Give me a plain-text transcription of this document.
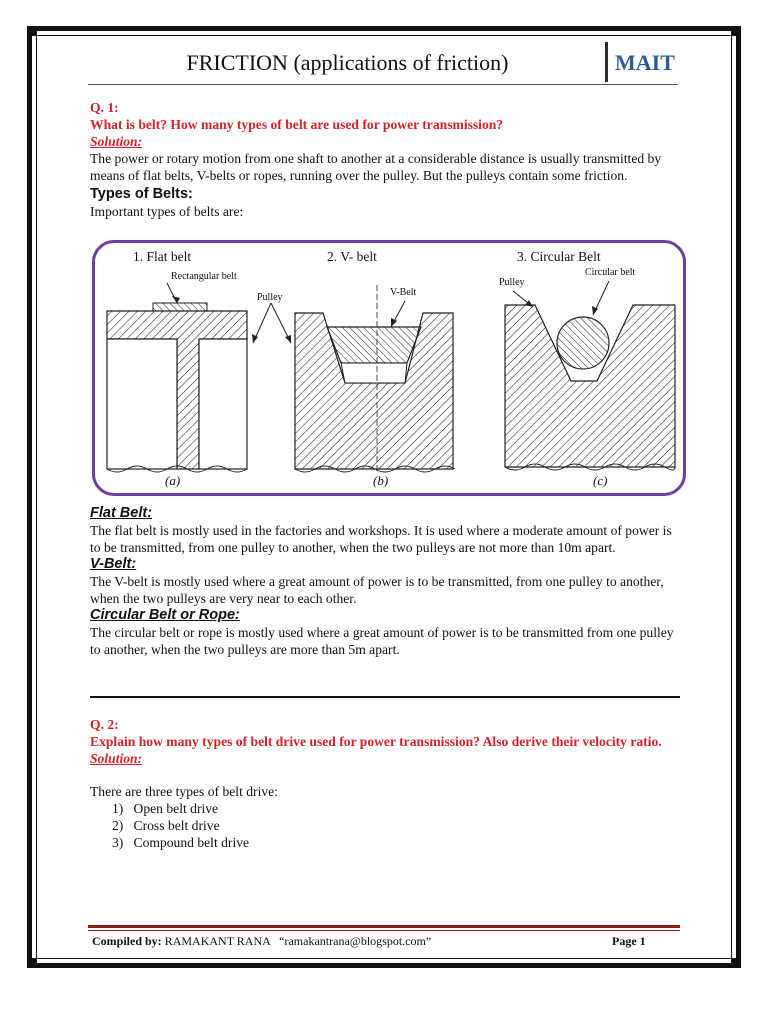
FRICTION (applications of friction)	MAIT
Q. 1:
What is belt? How many types of belt are used for power transmission?
Solution:

The power or rotary motion from one shaft to another at a considerable distance is usually transmitted by means of flat belts, V-belts or ropes, running over the pulley. But the pulleys contain some friction.

Types of Belts:
Important types of belts are:
1. Flat belt	2. V- belt	3. Circular Belt
Rectangular belt
Pulley	V-Belt
Pulley
Circular belt
(a)	(b)	(c)
Flat Belt:

The flat belt is mostly used in the factories and workshops. It is used where a moderate amount of power is to be transmitted, from one pulley to another, when the two pulleys are not more than 10m apart.

V-Belt:

The V-belt is mostly used where a great amount of power is to be transmitted, from one pulley to another, when the two pulleys are very near to each other.

Circular Belt or Rope:

The circular belt or rope is mostly used where a great amount of power is to be transmitted from one pulley to another, when the two pulleys are more than 5m apart.

Q. 2:
Explain how many types of belt drive used for power transmission? Also derive their velocity ratio.
Solution:
There are three types of belt drive:
1) Open belt drive
2) Cross belt drive
3) Compound belt drive
Compiled by: RAMAKANT RANA “ramakantrana@blogspot.com”	Page 1
